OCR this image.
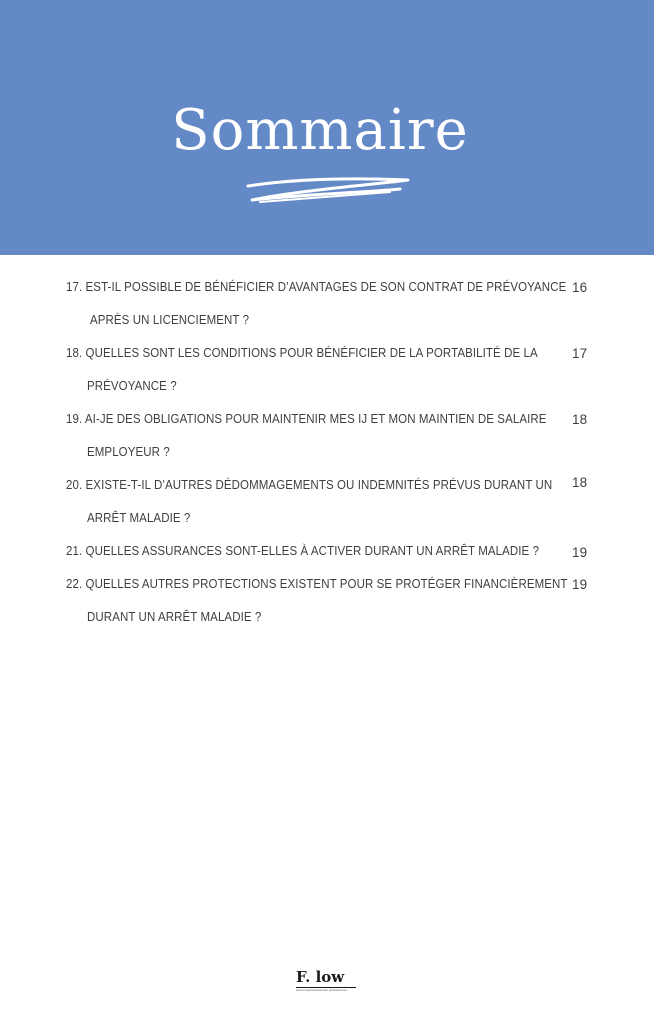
Sommaire
17. EST-IL POSSIBLE DE BÉNÉFICIER D’AVANTAGES DE SON CONTRAT DE PRÉVOYANCE
APRÈS UN LICENCIEMENT ?
16
18. QUELLES SONT LES CONDITIONS POUR BÉNÉFICIER DE LA PORTABILITÉ DE LA
PRÉVOYANCE ?
17
19. AI-JE DES OBLIGATIONS POUR MAINTENIR MES IJ ET MON MAINTIEN DE SALAIRE
EMPLOYEUR ?
18
20. EXISTE-T-IL D’AUTRES DÉDOMMAGEMENTS OU INDEMNITÉS PRÉVUS DURANT UN
ARRÊT MALADIE ?
18
21. QUELLES ASSURANCES SONT-ELLES À ACTIVER DURANT UN ARRÊT MALADIE ? 19
22. QUELLES AUTRES PROTECTIONS EXISTENT POUR SE PROTÉGER FINANCIÈREMENT
DURANT UN ARRÊT MALADIE ?
19
F. low
entrer l'épanouissement professionnel
